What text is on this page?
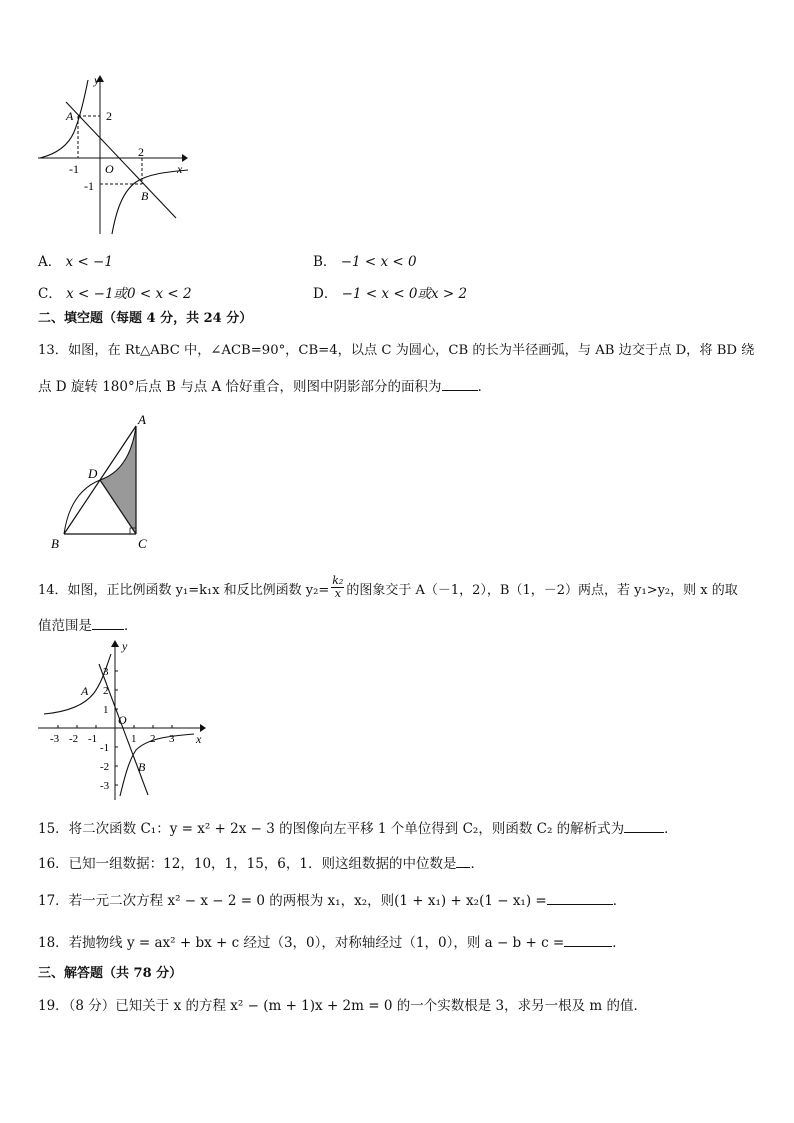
y
x
A
B
O
2
-1
2
-1
A． x < −1	B． −1 < x < 0
C． x < −1或0 < x < 2	D． −1 < x < 0或x > 2
二、填空题（每题 4 分，共 24 分）
13．如图，在 Rt△ABC 中，∠ACB=90°，CB=4，以点 C 为圆心，CB 的长为半径画弧，与 AB 边交于点 D，将 BD 绕
点 D 旋转 180°后点 B 与点 A 恰好重合，则图中阴影部分的面积为	．
A
D
B	C
14．如图，正比例函数 y₁=k₁x 和反比例函数 $y_2= \frac{\text{k₂}}{x}$ 的图象交于 A（－1，2），B（1，－2）两点，若 y₁>y₂，则 x 的取
值范围是 ．
y
x
O
A
B
-3 -2 -1	1 2 3
3
2
1
-1
-2
-3
15．将二次函数 C₁：y = x² + 2x − 3 的图像向左平移 1 个单位得到 C₂，则函数 C₂ 的解析式为	．
16．已知一组数据：12，10，1，15，6，1．则这组数据的中位数是 ．
17．若一元二次方程 x² − x − 2 = 0 的两根为 x₁，x₂，则(1 + x₁) + x₂(1 − x₁) =	．
18．若抛物线 y = ax² + bx + c 经过（3，0），对称轴经过（1，0），则 a − b + c =	．
三、解答题（共 78 分）
19．（8 分）已知关于 x 的方程 x² − (m + 1)x + 2m = 0 的一个实数根是 3，求另一根及 m 的值．
